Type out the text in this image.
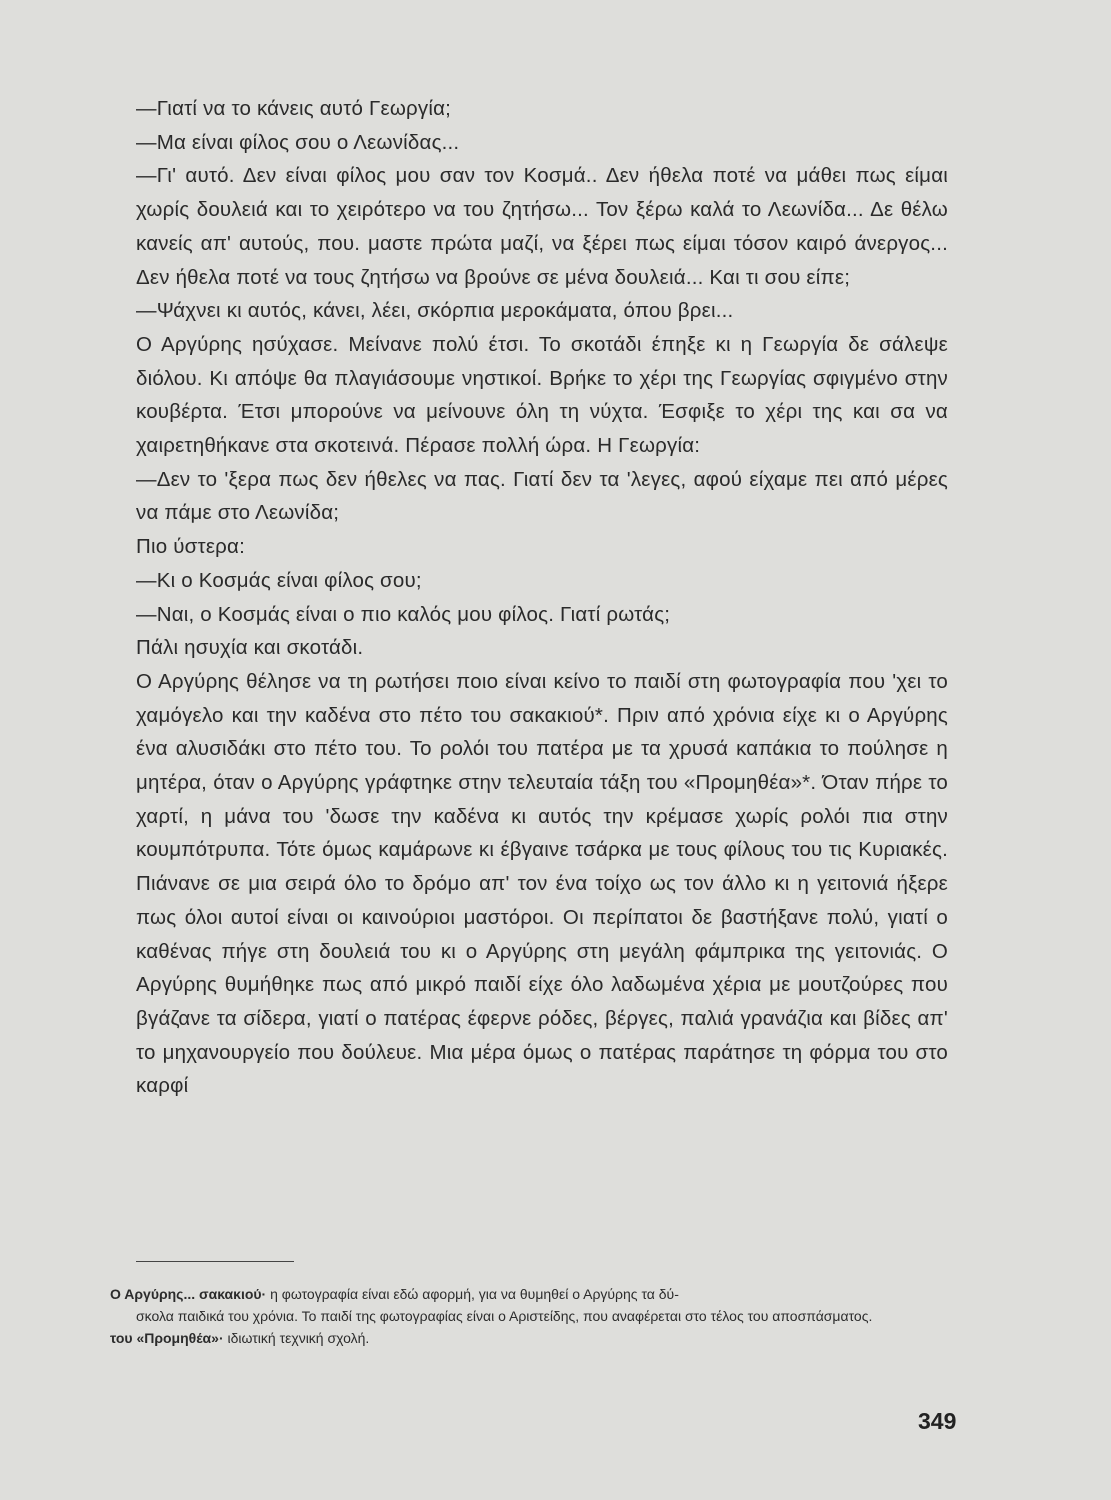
—Γιατί να το κάνεις αυτό Γεωργία;

—Μα είναι φίλος σου ο Λεωνίδας...

—Γι' αυτό. Δεν είναι φίλος μου σαν τον Κοσμά.. Δεν ήθελα ποτέ να μάθει πως είμαι χωρίς δουλειά και το χειρότερο να του ζητήσω... Τον ξέρω καλά το Λεωνίδα... Δε θέλω κανείς απ' αυτούς, που. μαστε πρώτα μαζί, να ξέρει πως είμαι τόσον καιρό άνεργος... Δεν ήθελα ποτέ να τους ζητήσω να βρούνε σε μένα δουλειά... Και τι σου είπε;

—Ψάχνει κι αυτός, κάνει, λέει, σκόρπια μεροκάματα, όπου βρει...

Ο Αργύρης ησύχασε. Μείνανε πολύ έτσι. Το σκοτάδι έπηξε κι η Γεωργία δε σάλεψε διόλου. Κι απόψε θα πλαγιάσουμε νηστικοί. Βρήκε το χέρι της Γεωργίας σφιγμένο στην κουβέρτα. Έτσι μπορούνε να μείνουνε όλη τη νύχτα. Έσφιξε το χέρι της και σα να χαιρετηθήκανε στα σκοτεινά. Πέρασε πολλή ώρα. Η Γεωργία:

—Δεν το 'ξερα πως δεν ήθελες να πας. Γιατί δεν τα 'λεγες, αφού είχαμε πει από μέρες να πάμε στο Λεωνίδα;

Πιο ύστερα:

—Κι ο Κοσμάς είναι φίλος σου;

—Ναι, ο Κοσμάς είναι ο πιο καλός μου φίλος. Γιατί ρωτάς;

Πάλι ησυχία και σκοτάδι.

Ο Αργύρης θέλησε να τη ρωτήσει ποιο είναι κείνο το παιδί στη φωτογραφία που 'χει το χαμόγελο και την καδένα στο πέτο του σακακιού*. Πριν από χρόνια είχε κι ο Αργύρης ένα αλυσιδάκι στο πέτο του. Το ρολόι του πατέρα με τα χρυσά καπάκια το πούλησε η μητέρα, όταν ο Αργύρης γράφτηκε στην τελευταία τάξη του «Προμηθέα»*. Όταν πήρε το χαρτί, η μάνα του 'δωσε την καδένα κι αυτός την κρέμασε χωρίς ρολόι πια στην κουμπότρυπα. Τότε όμως καμάρωνε κι έβγαινε τσάρκα με τους φίλους του τις Κυριακές. Πιάνανε σε μια σειρά όλο το δρόμο απ' τον ένα τοίχο ως τον άλλο κι η γειτονιά ήξερε πως όλοι αυτοί είναι οι καινούριοι μαστόροι. Οι περίπατοι δε βαστήξανε πολύ, γιατί ο καθένας πήγε στη δουλειά του κι ο Αργύρης στη μεγάλη φάμπρικα της γειτονιάς. Ο Αργύρης θυμήθηκε πως από μικρό παιδί είχε όλο λαδωμένα χέρια με μουτζούρες που βγάζανε τα σίδερα, γιατί ο πατέρας έφερνε ρόδες, βέργες, παλιά γρανάζια και βίδες απ' το μηχανουργείο που δούλευε. Μια μέρα όμως ο πατέρας παράτησε τη φόρμα του στο καρφί

Ο Αργύρης... σακακιού· η φωτογραφία είναι εδώ αφορμή, για να θυμηθεί ο Αργύρης τα δύ-
σκολα παιδικά του χρόνια. Το παιδί της φωτογραφίας είναι ο Αριστείδης, που αναφέρεται στο τέλος του αποσπάσματος.

του «Προμηθέα»· ιδιωτική τεχνική σχολή.

349
